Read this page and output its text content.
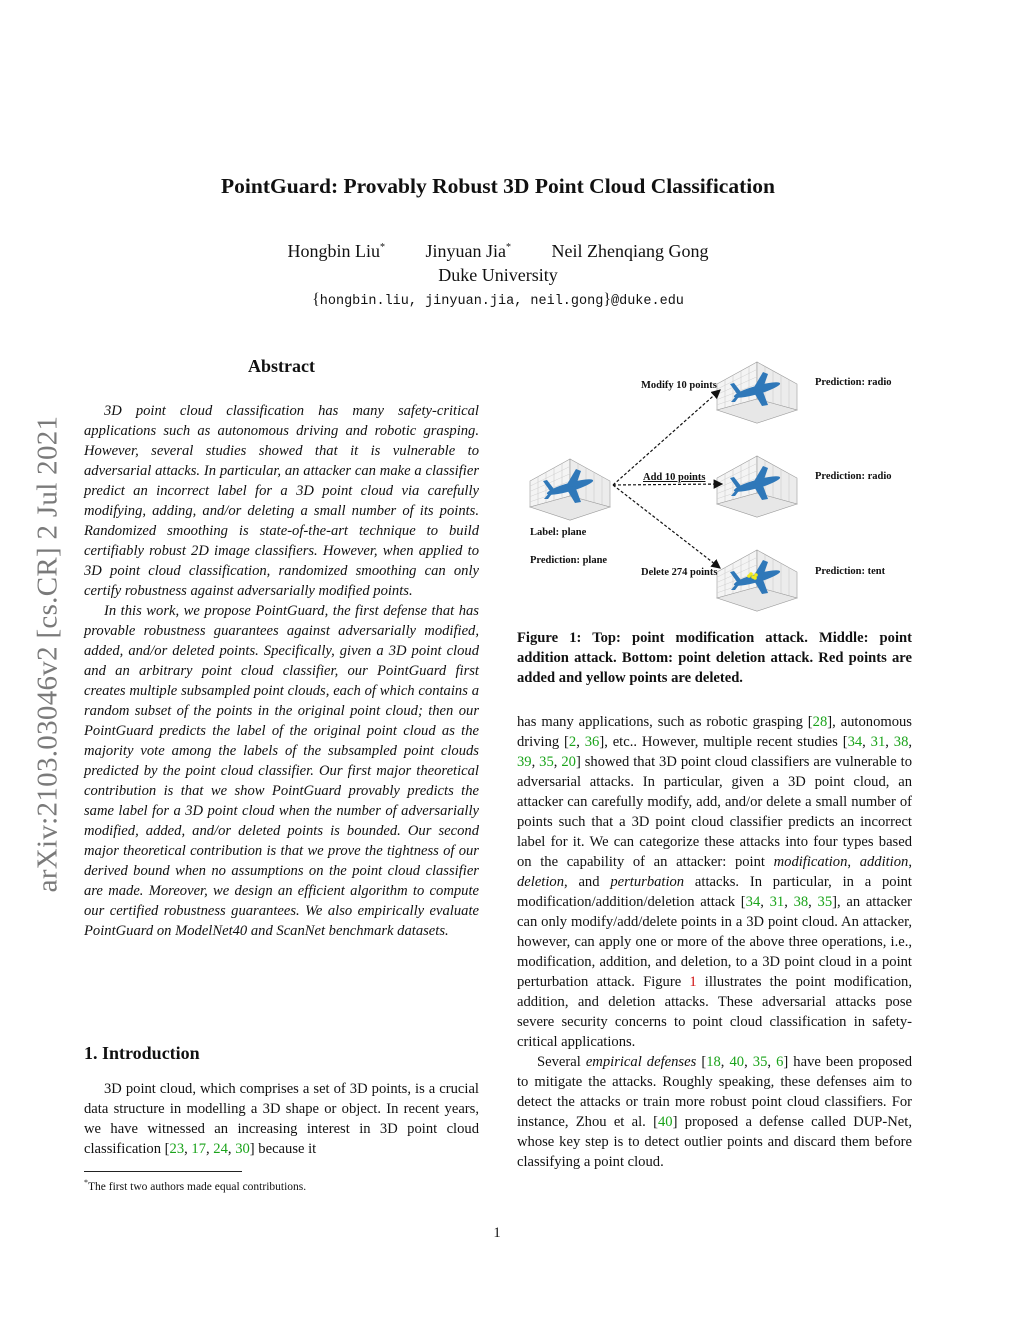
arXiv:2103.03046v2 [cs.CR] 2 Jul 2021
PointGuard: Provably Robust 3D Point Cloud Classification
Hongbin Liu* Jinyuan Jia* Neil Zhenqiang Gong
Duke University
{hongbin.liu, jinyuan.jia, neil.gong}@duke.edu
Abstract

3D point cloud classification has many safety-critical applications such as autonomous driving and robotic grasping. However, several studies showed that it is vulnerable to adversarial attacks. In particular, an attacker can make a classifier predict an incorrect label for a 3D point cloud via carefully modifying, adding, and/or deleting a small number of its points. Randomized smoothing is state-of-the-art technique to build certifiably robust 2D image classifiers. However, when applied to 3D point cloud classification, randomized smoothing can only certify robustness against adversarially modified points.

In this work, we propose PointGuard, the first defense that has provable robustness guarantees against adversarially modified, added, and/or deleted points. Specifically, given a 3D point cloud and an arbitrary point cloud classifier, our PointGuard first creates multiple subsampled point clouds, each of which contains a random subset of the points in the original point cloud; then our PointGuard predicts the label of the original point cloud as the majority vote among the labels of the subsampled point clouds predicted by the point cloud classifier. Our first major theoretical contribution is that we show PointGuard provably predicts the same label for a 3D point cloud when the number of adversarially modified, added, and/or deleted points is bounded. Our second major theoretical contribution is that we prove the tightness of our derived bound when no assumptions on the point cloud classifier are made. Moreover, we design an efficient algorithm to compute our certified robustness guarantees. We also empirically evaluate PointGuard on ModelNet40 and ScanNet benchmark datasets.

1. Introduction

3D point cloud, which comprises a set of 3D points, is a crucial data structure in modelling a 3D shape or object. In recent years, we have witnessed an increasing interest in 3D point cloud classification [23, 17, 24, 30] because it

*The first two authors made equal contributions.
Modify 10 points
Add 10 points
Delete 274 points
Label: plane
Prediction: plane
Prediction: radio
Prediction: radio
Prediction: tent
Figure 1: Top: point modification attack. Middle: point addition attack. Bottom: point deletion attack. Red points are added and yellow points are deleted.

has many applications, such as robotic grasping [28], autonomous driving [2, 36], etc.. However, multiple recent studies [34, 31, 38, 39, 35, 20] showed that 3D point cloud classifiers are vulnerable to adversarial attacks. In particular, given a 3D point cloud, an attacker can carefully modify, add, and/or delete a small number of points such that a 3D point cloud classifier predicts an incorrect label for it. We can categorize these attacks into four types based on the capability of an attacker: point modification, addition, deletion, and perturbation attacks. In particular, in a point modification/addition/deletion attack [34, 31, 38, 35], an attacker can only modify/add/delete points in a 3D point cloud. An attacker, however, can apply one or more of the above three operations, i.e., modification, addition, and deletion, to a 3D point cloud in a point perturbation attack. Figure 1 illustrates the point modification, addition, and deletion attacks. These adversarial attacks pose severe security concerns to point cloud classification in safety-critical applications.

Several empirical defenses [18, 40, 35, 6] have been proposed to mitigate the attacks. Roughly speaking, these defenses aim to detect the attacks or train more robust point cloud classifiers. For instance, Zhou et al. [40] proposed a defense called DUP-Net, whose key step is to detect outlier points and discard them before classifying a point cloud.

1
